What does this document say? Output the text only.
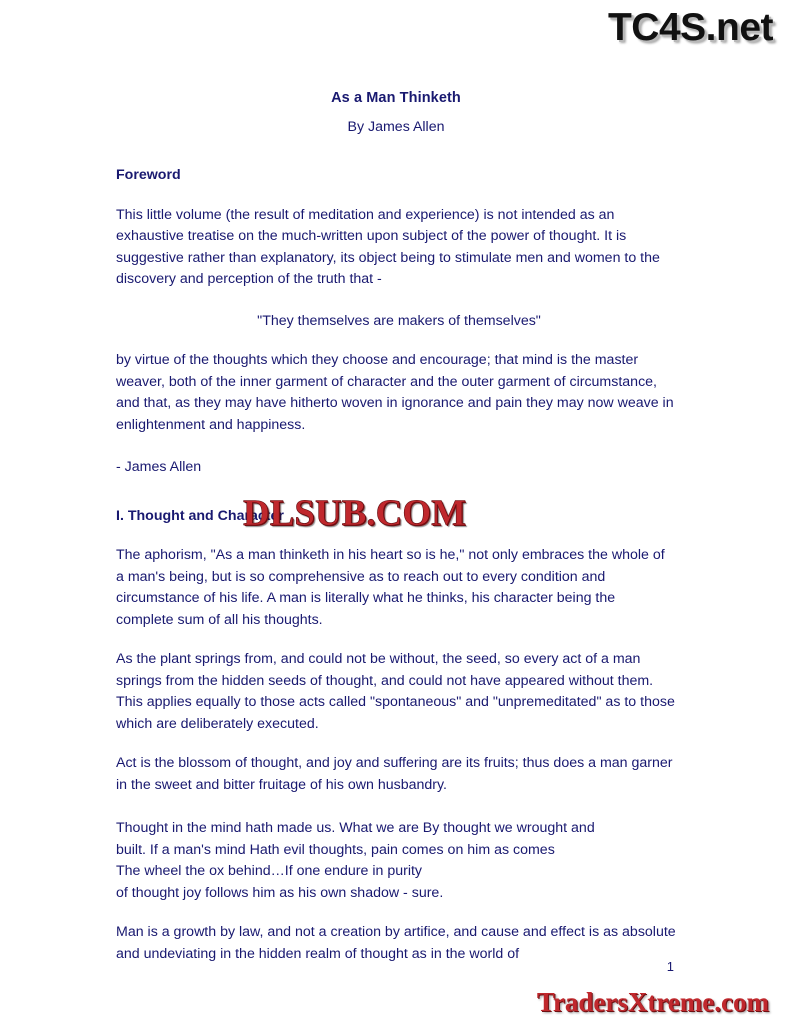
TC4S.net
As a Man Thinketh
By James Allen
Foreword

This little volume (the result of meditation and experience) is not intended as an exhaustive treatise on the much-written upon subject of the power of thought. It is suggestive rather than explanatory, its object being to stimulate men and women to the discovery and perception of the truth that -

"They themselves are makers of themselves"

by virtue of the thoughts which they choose and encourage; that mind is the master weaver, both of the inner garment of character and the outer garment of circumstance, and that, as they may have hitherto woven in ignorance and pain they may now weave in enlightenment and happiness.

- James Allen

I. Thought and Character

The aphorism, "As a man thinketh in his heart so is he," not only embraces the whole of a man's being, but is so comprehensive as to reach out to every condition and circumstance of his life. A man is literally what he thinks, his character being the complete sum of all his thoughts.

As the plant springs from, and could not be without, the seed, so every act of a man springs from the hidden seeds of thought, and could not have appeared without them. This applies equally to those acts called "spontaneous" and "unpremeditated" as to those which are deliberately executed.

Act is the blossom of thought, and joy and suffering are its fruits; thus does a man garner in the sweet and bitter fruitage of his own husbandry.

Thought in the mind hath made us. What we are By thought we wrought and
built. If a man's mind Hath evil thoughts, pain comes on him as comes
The wheel the ox behind…If one endure in purity
of thought joy follows him as his own shadow - sure.

Man is a growth by law, and not a creation by artifice, and cause and effect is as absolute and undeviating in the hidden realm of thought as in the world of

DLSUB.COM
1
TradersXtreme.com
